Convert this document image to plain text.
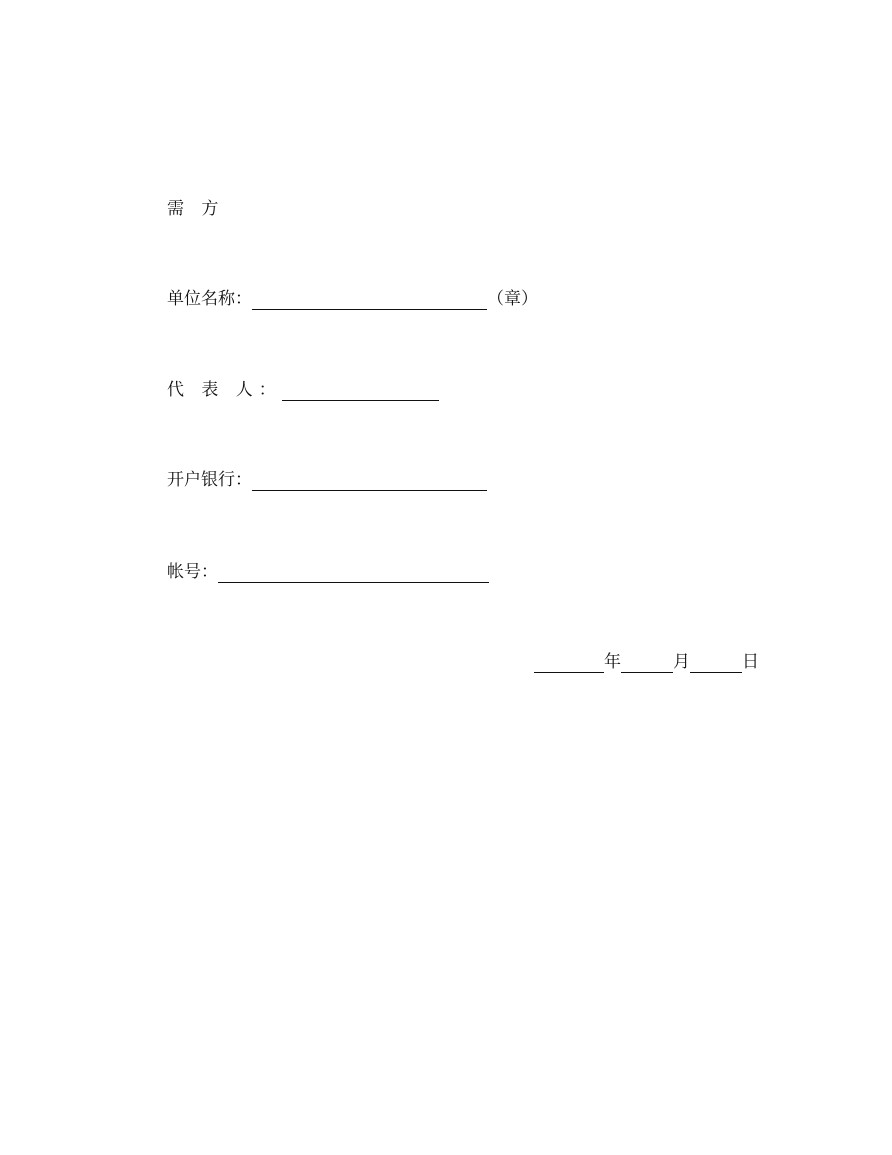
需 方
单位名称：	（章）
代 表 人：
开户银行：
帐号：
年	月	日
